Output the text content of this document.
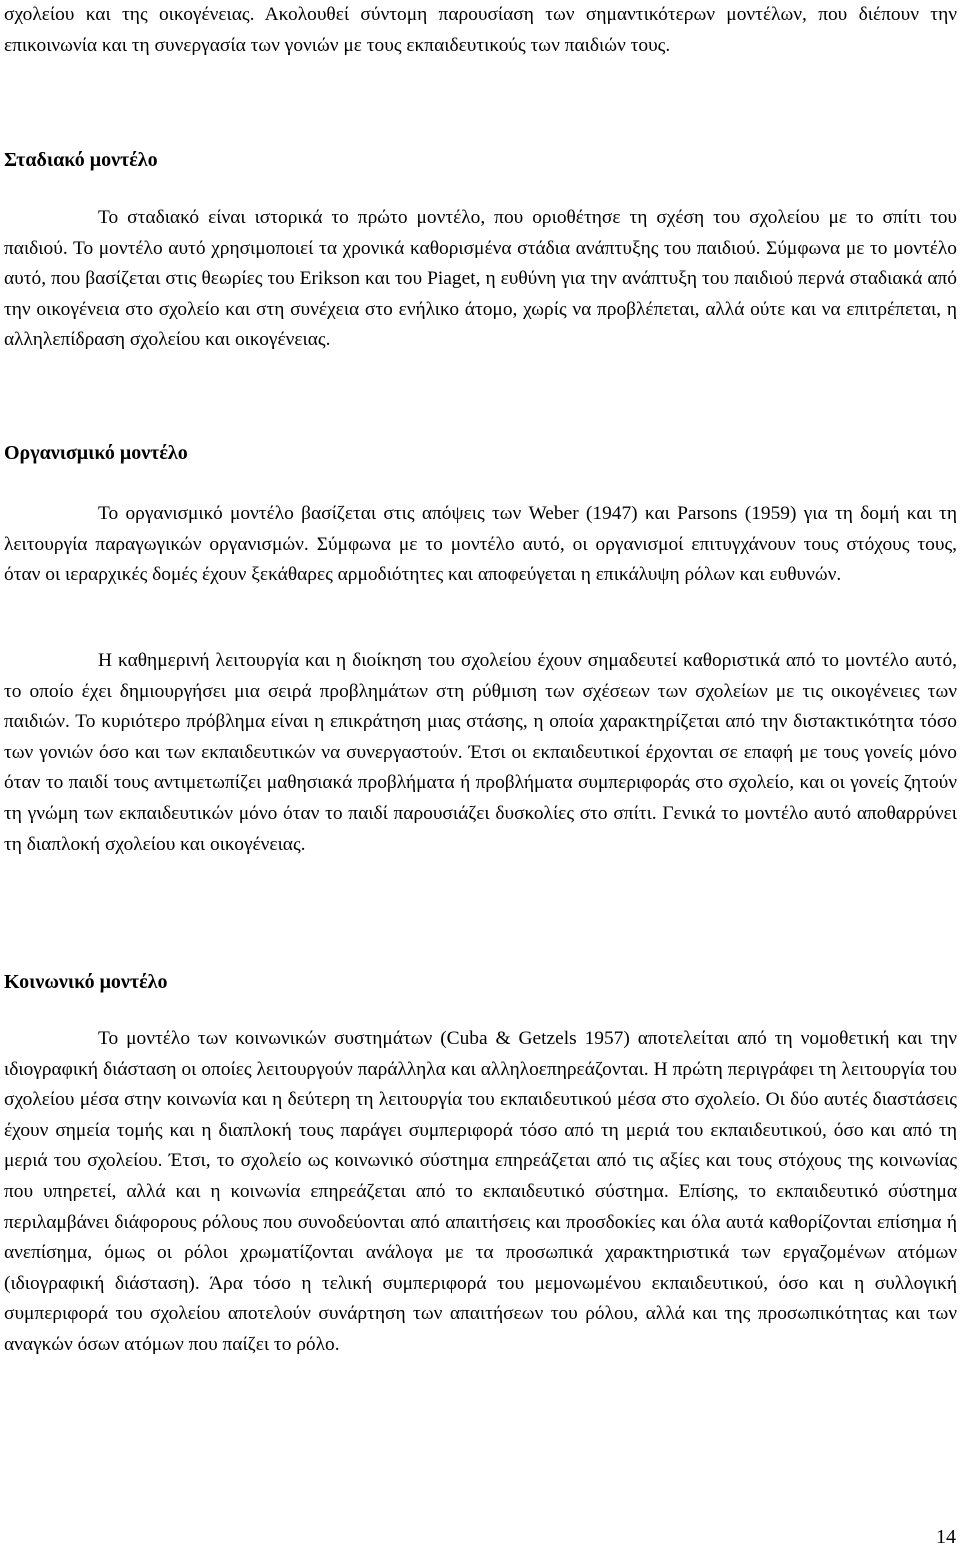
σχολείου και της οικογένειας. Ακολουθεί σύντομη παρουσίαση των σημαντικότερων μοντέλων, που διέπουν την επικοινωνία και τη συνεργασία των γονιών με τους εκπαιδευτικούς των παιδιών τους.

Σταδιακό μοντέλο

Το σταδιακό είναι ιστορικά το πρώτο μοντέλο, που οριοθέτησε τη σχέση του σχολείου με το σπίτι του παιδιού. Το μοντέλο αυτό χρησιμοποιεί τα χρονικά καθορισμένα στάδια ανάπτυξης του παιδιού. Σύμφωνα με το μοντέλο αυτό, που βασίζεται στις θεωρίες του Erikson και του Piaget, η ευθύνη για την ανάπτυξη του παιδιού περνά σταδιακά από την οικογένεια στο σχολείο και στη συνέχεια στο ενήλικο άτομο, χωρίς να προβλέπεται, αλλά ούτε και να επιτρέπεται, η αλληλεπίδραση σχολείου και οικογένειας.

Οργανισμικό μοντέλο

Το οργανισμικό μοντέλο βασίζεται στις απόψεις των Weber (1947) και Parsons (1959) για τη δομή και τη λειτουργία παραγωγικών οργανισμών. Σύμφωνα με το μοντέλο αυτό, οι οργανισμοί επιτυγχάνουν τους στόχους τους, όταν οι ιεραρχικές δομές έχουν ξεκάθαρες αρμοδιότητες και αποφεύγεται η επικάλυψη ρόλων και ευθυνών.

Η καθημερινή λειτουργία και η διοίκηση του σχολείου έχουν σημαδευτεί καθοριστικά από το μοντέλο αυτό, το οποίο έχει δημιουργήσει μια σειρά προβλημάτων στη ρύθμιση των σχέσεων των σχολείων με τις οικογένειες των παιδιών. Το κυριότερο πρόβλημα είναι η επικράτηση μιας στάσης, η οποία χαρακτηρίζεται από την διστακτικότητα τόσο των γονιών όσο και των εκπαιδευτικών να συνεργαστούν. Έτσι οι εκπαιδευτικοί έρχονται σε επαφή με τους γονείς μόνο όταν το παιδί τους αντιμετωπίζει μαθησιακά προβλήματα ή προβλήματα συμπεριφοράς στο σχολείο, και οι γονείς ζητούν τη γνώμη των εκπαιδευτικών μόνο όταν το παιδί παρουσιάζει δυσκολίες στο σπίτι. Γενικά το μοντέλο αυτό αποθαρρύνει τη διαπλοκή σχολείου και οικογένειας.

Κοινωνικό μοντέλο

Το μοντέλο των κοινωνικών συστημάτων (Cuba & Getzels 1957) αποτελείται από τη νομοθετική και την ιδιογραφική διάσταση οι οποίες λειτουργούν παράλληλα και αλληλοεπηρεάζονται. Η πρώτη περιγράφει τη λειτουργία του σχολείου μέσα στην κοινωνία και η δεύτερη τη λειτουργία του εκπαιδευτικού μέσα στο σχολείο. Οι δύο αυτές διαστάσεις έχουν σημεία τομής και η διαπλοκή τους παράγει συμπεριφορά τόσο από τη μεριά του εκπαιδευτικού, όσο και από τη μεριά του σχολείου. Έτσι, το σχολείο ως κοινωνικό σύστημα επηρεάζεται από τις αξίες και τους στόχους της κοινωνίας που υπηρετεί, αλλά και η κοινωνία επηρεάζεται από το εκπαιδευτικό σύστημα. Επίσης, το εκπαιδευτικό σύστημα περιλαμβάνει διάφορους ρόλους που συνοδεύονται από απαιτήσεις και προσδοκίες και όλα αυτά καθορίζονται επίσημα ή ανεπίσημα, όμως οι ρόλοι χρωματίζονται ανάλογα με τα προσωπικά χαρακτηριστικά των εργαζομένων ατόμων (ιδιογραφική διάσταση). Άρα τόσο η τελική συμπεριφορά του μεμονωμένου εκπαιδευτικού, όσο και η συλλογική συμπεριφορά του σχολείου αποτελούν συνάρτηση των απαιτήσεων του ρόλου, αλλά και της προσωπικότητας και των αναγκών όσων ατόμων που παίζει το ρόλο.

14
